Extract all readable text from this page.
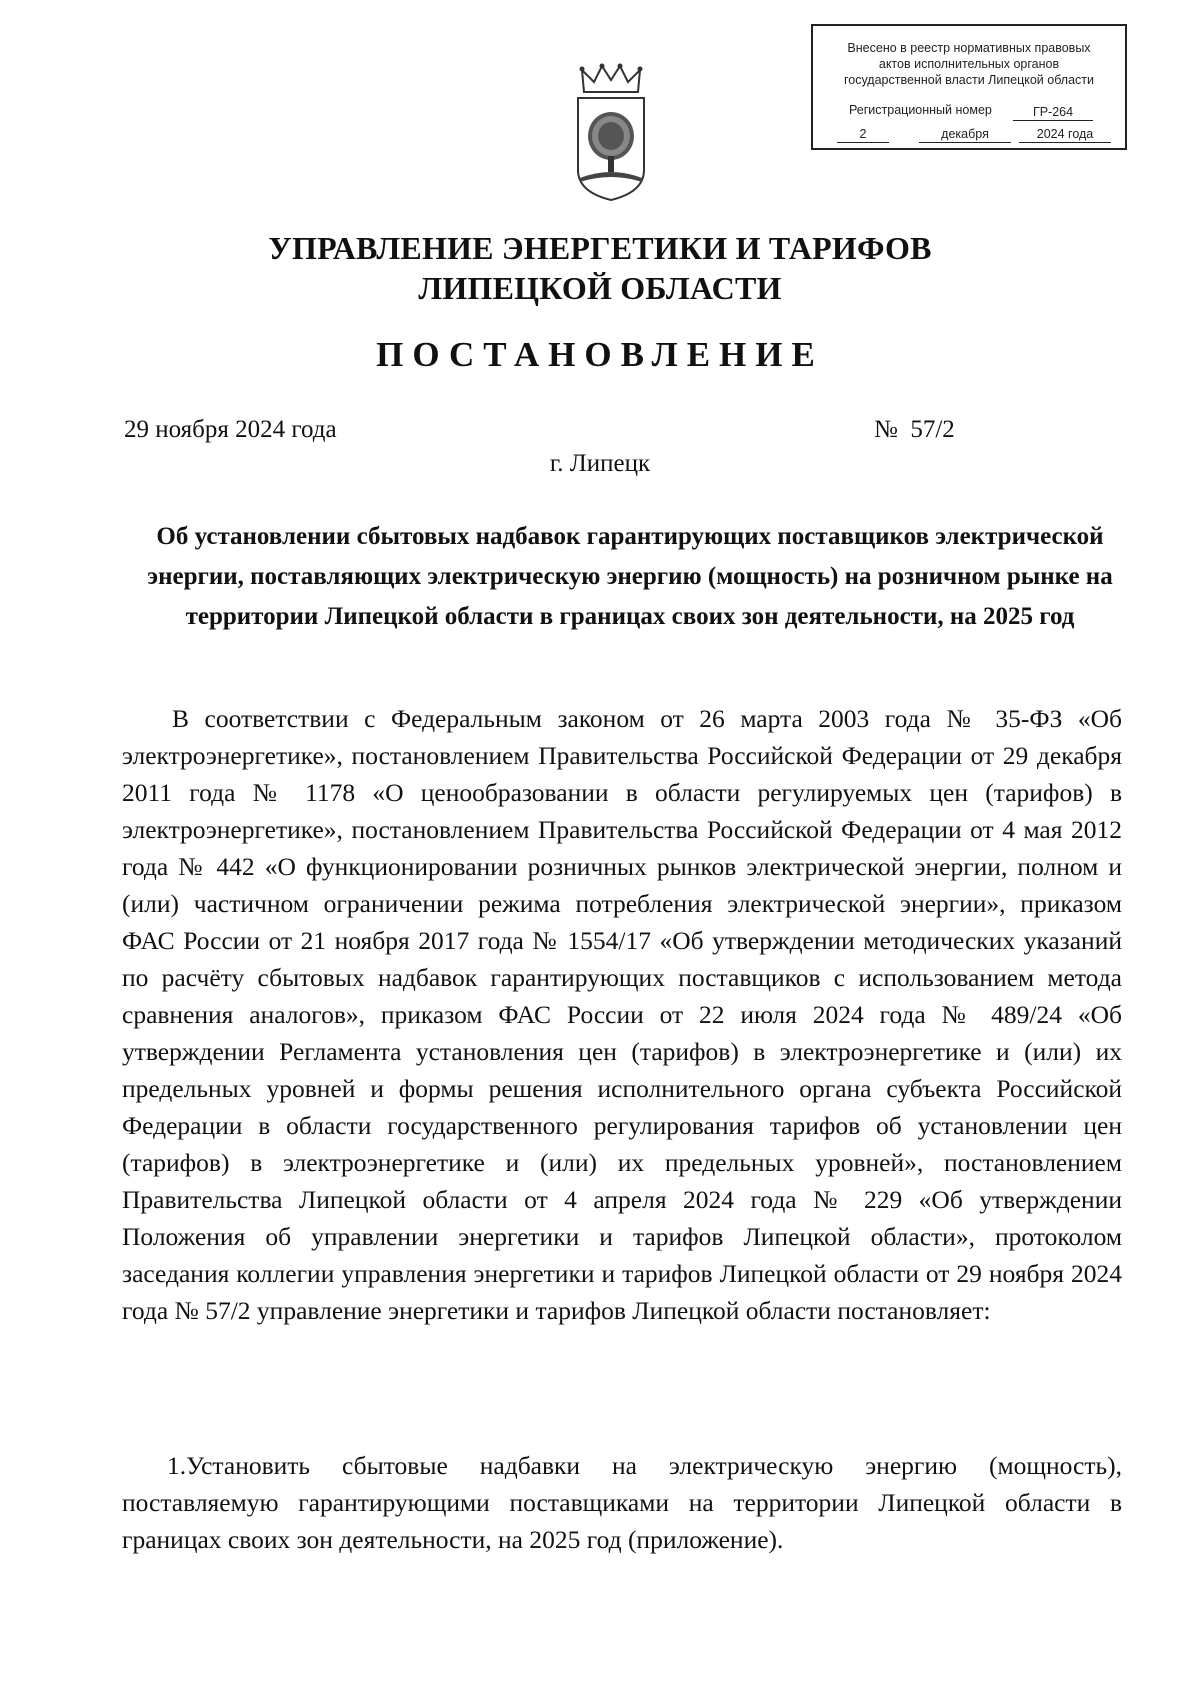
Внесено в реестр нормативных правовых
актов исполнительных органов
государственной власти Липецкой области
Регистрационный номер	ГР-264
2	декабря	2024 года
УПРАВЛЕНИЕ ЭНЕРГЕТИКИ И ТАРИФОВ
ЛИПЕЦКОЙ ОБЛАСТИ
ПОСТАНОВЛЕНИЕ
29 ноября 2024 года	№  57/2
г. Липецк
Об установлении сбытовых надбавок гарантирующих поставщиков электрической энергии, поставляющих электрическую энергию (мощность) на розничном рынке на территории Липецкой области в границах своих зон деятельности, на 2025 год

В соответствии с Федеральным законом от 26 марта 2003 года № 35-ФЗ «Об электроэнергетике», постановлением Правительства Российской Федерации от 29 декабря 2011 года № 1178 «О ценообразовании в области регулируемых цен (тарифов) в электроэнергетике», постановлением Правительства Российской Федерации от 4 мая 2012 года № 442 «О функционировании розничных рынков электрической энергии, полном и (или) частичном ограничении режима потребления электрической энергии», приказом ФАС России от 21 ноября 2017 года № 1554/17 «Об утверждении методических указаний по расчёту сбытовых надбавок гарантирующих поставщиков с использованием метода сравнения аналогов», приказом ФАС России от 22 июля 2024 года № 489/24 «Об утверждении Регламента установления цен (тарифов) в электроэнергетике и (или) их предельных уровней и формы решения исполнительного органа субъекта Российской Федерации в области государственного регулирования тарифов об установлении цен (тарифов) в электроэнергетике и (или) их предельных уровней», постановлением Правительства Липецкой области от 4 апреля 2024 года № 229 «Об утверждении Положения об управлении энергетики и тарифов Липецкой области», протоколом заседания коллегии управления энергетики и тарифов Липецкой области от 29 ноября 2024 года № 57/2 управление энергетики и тарифов Липецкой области постановляет:

1.Установить сбытовые надбавки на электрическую энергию (мощность), поставляемую гарантирующими поставщиками на территории Липецкой области в границах своих зон деятельности, на 2025 год (приложение).
